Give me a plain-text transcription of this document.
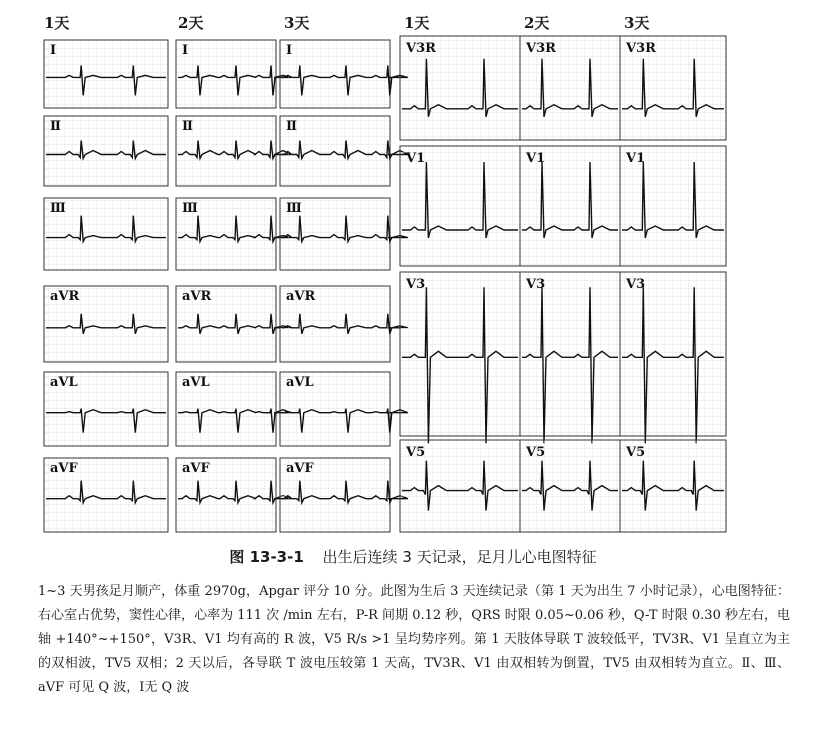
1天	2天	3天	1天	2天	3天
Ⅰ	Ⅰ	Ⅰ
Ⅱ	Ⅱ	Ⅱ
Ⅲ	Ⅲ	Ⅲ
aVR	aVR	aVR
aVL	aVL	aVL
aVF	aVF	aVF
V3R	V3R	V3R
V1	V1	V1
V3	V3	V3
V5	V5	V5
图 13-3-1 出生后连续 3 天记录，足月儿心电图特征
1~3 天男孩足月顺产，体重 2970g，Apgar 评分 10 分。此图为生后 3 天连续记录（第 1 天为出生 7 小时记录），心电图特征：右心室占优势，窦性心律，心率为 111 次 /min 左右，P-R 间期 0.12 秒，QRS 时限 0.05~0.06 秒，Q-T 时限 0.30 秒左右，电轴 +140°~+150°，V3R、V1 均有高的 R 波，V5 R/s >1 呈均势序列。第 1 天肢体导联 T 波较低平，TV3R、V1 呈直立为主的双相波，TV5 双相；2 天以后，各导联 T 波电压较第 1 天高，TV3R、V1 由双相转为倒置，TV5 由双相转为直立。Ⅱ、Ⅲ、aVF 可见 Q 波，Ⅰ无 Q 波
